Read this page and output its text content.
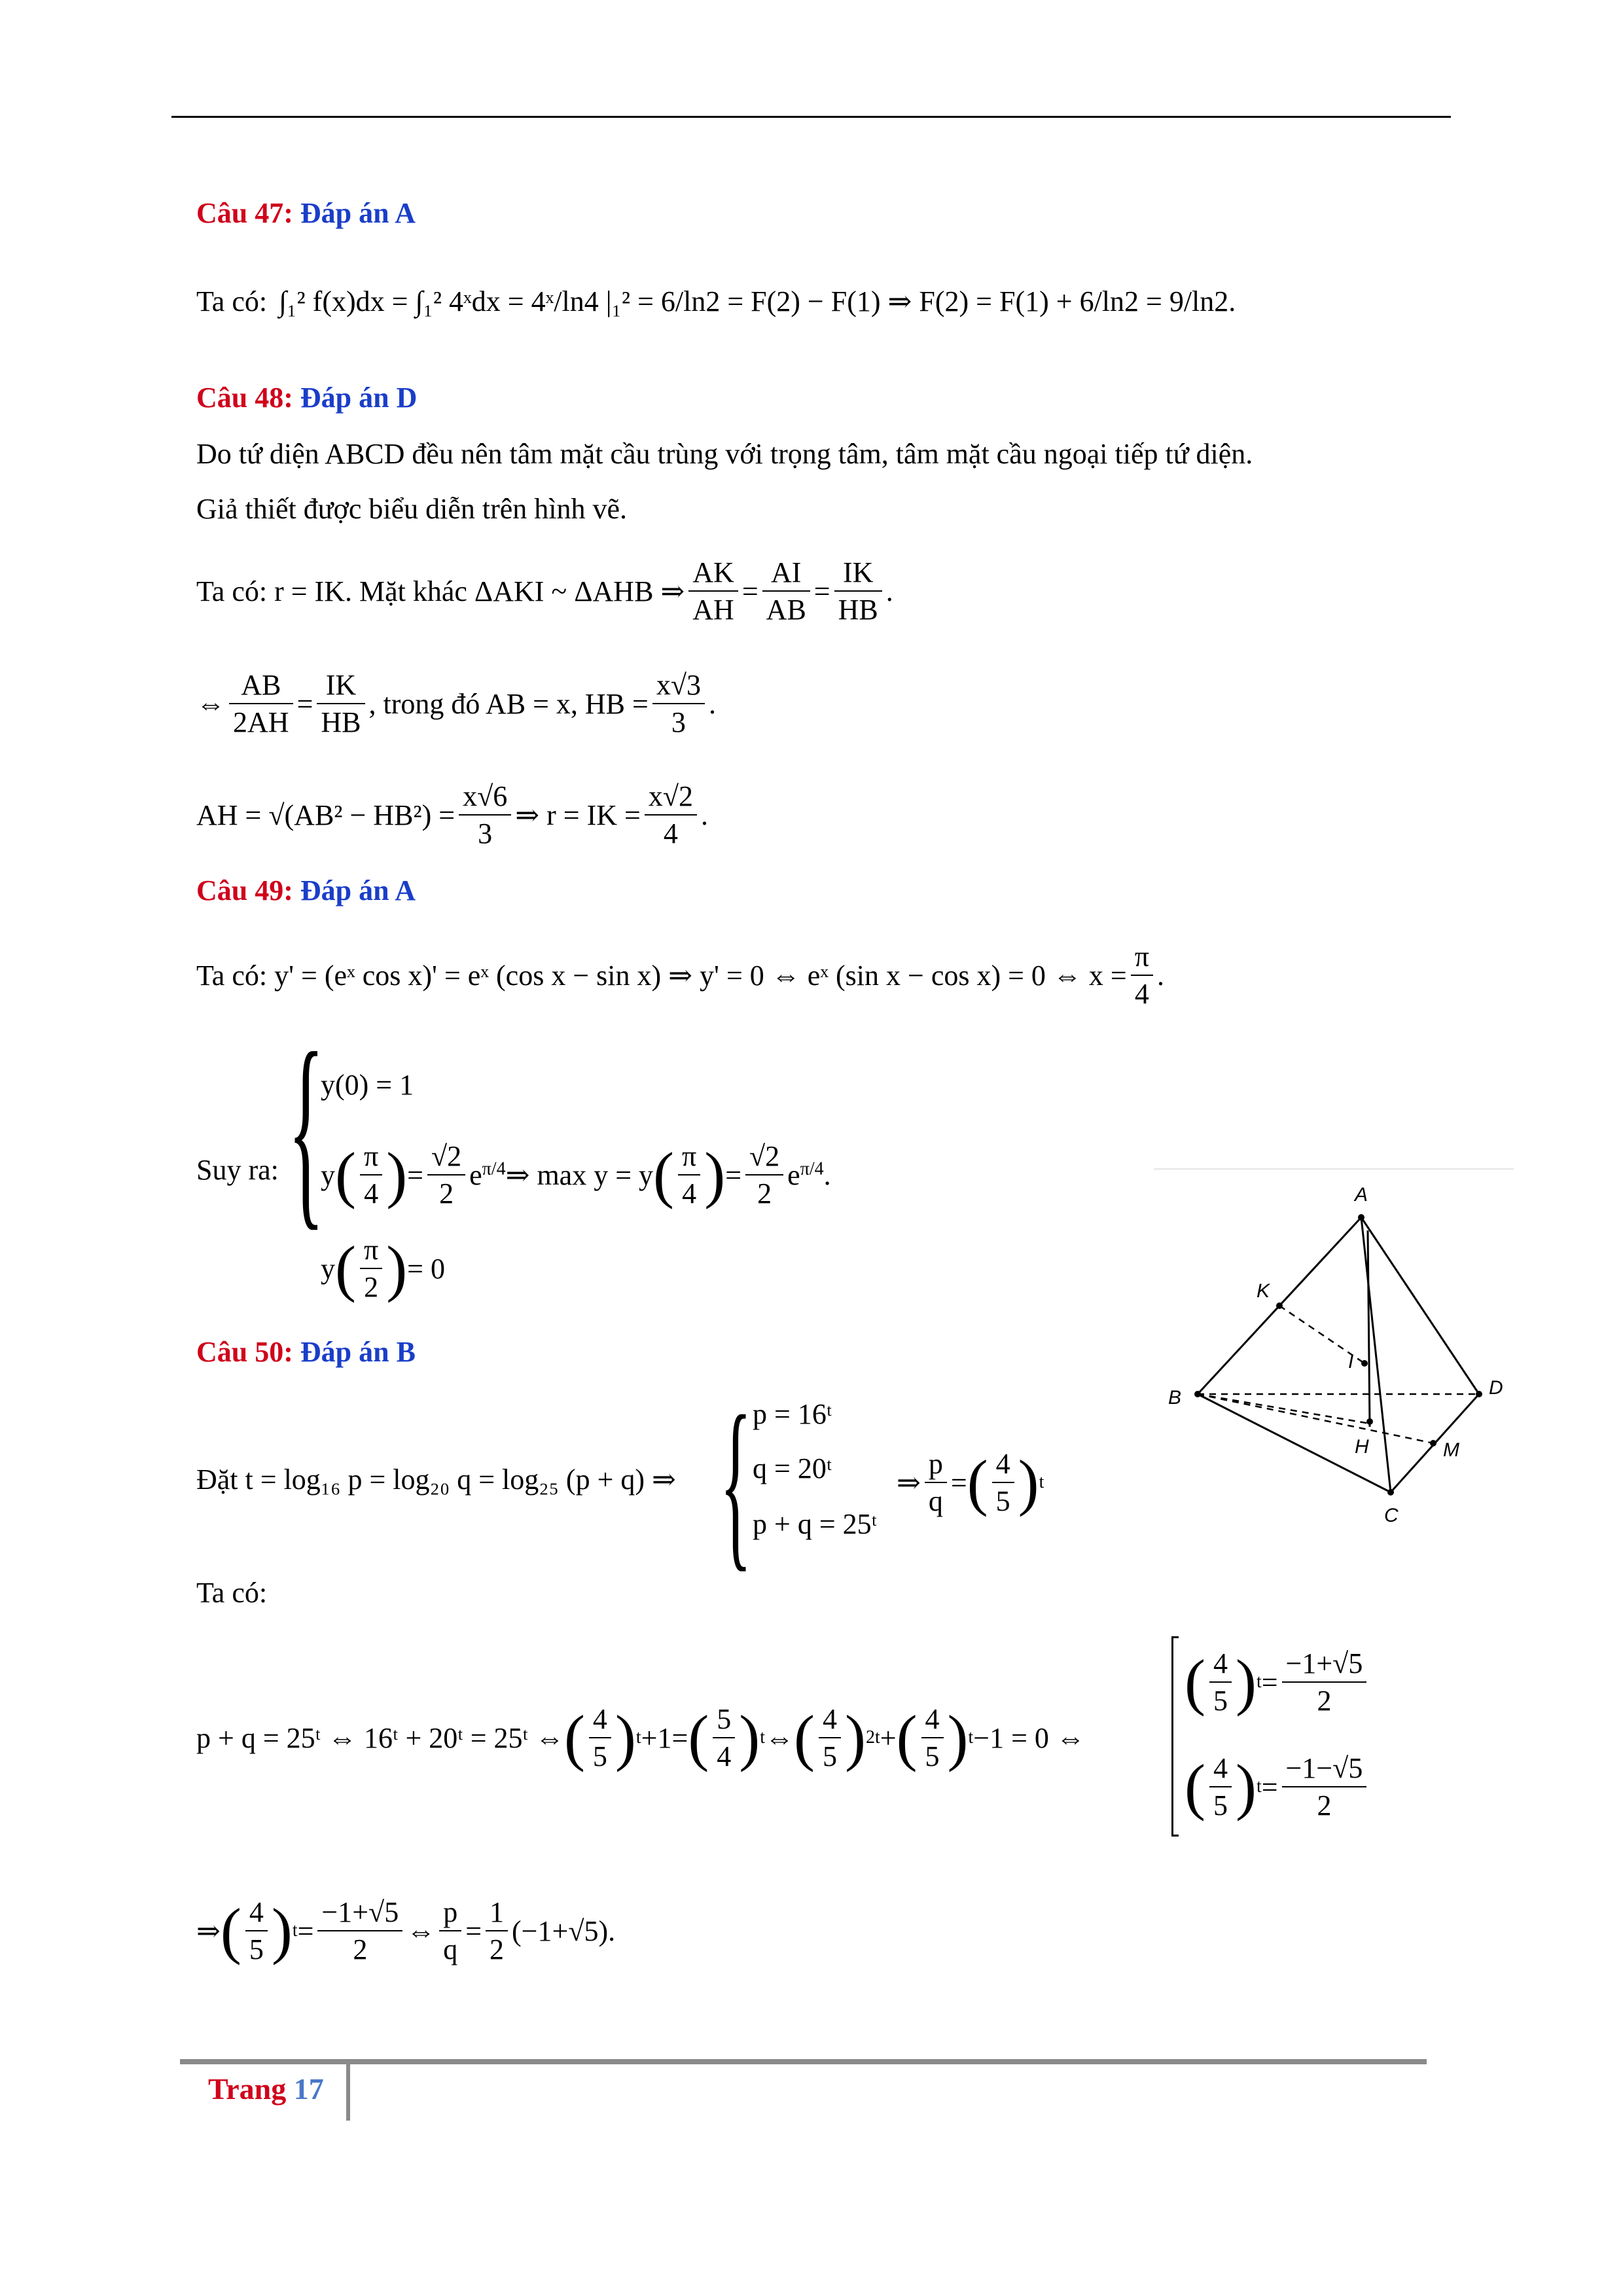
Câu 47: Đáp án A
Ta có: ∫₁² f(x)dx = ∫₁² 4ˣdx = 4ˣ/ln4 |₁² = 6/ln2 = F(2) − F(1) ⇒ F(2) = F(1) + 6/ln2 = 9/ln2.
Câu 48: Đáp án D
Do tứ diện ABCD đều nên tâm mặt cầu trùng với trọng tâm, tâm mặt cầu ngoại tiếp tứ diện.
Giả thiết được biểu diễn trên hình vẽ.
Ta có: r = IK. Mặt khác ΔAKI ~ ΔAHB ⇒ $\frac{AK}{AH} = \frac{AI}{AB} = \frac{IK}{HB}$ .
⇔ $\frac{AB}{2AH} = \frac{IK}{HB}$ , trong đó AB = x, HB = $\frac{x√3}{3}$ .
AH = $√(AB^2 - HB^2) = \frac{x√6}{3}$ ⇒ r = IK = $\frac{x√2}{4}$ .
Câu 49: Đáp án A
Ta có: y' = (eˣ cos x)' = eˣ (cos x − sin x) ⇒ y' = 0 ⇔ eˣ (sin x − cos x) = 0 ⇔ $x = \frac{\pi}{4}$ .
Suy ra: {
y(0) = 1
y ( $\frac{\pi}{4}$ ) = $\frac{√2}{2} e^{\pi/4}$ ⇒ max y = y ( $\frac{\pi}{4}$ ) = $\frac{√2}{2} e^{\pi/4}$.
y ( $\frac{\pi}{2}$ ) = 0
A
K
I
B	D
H	M
C
Câu 50: Đáp án B
Đặt t = log₁₆ p = log₂₀ q = log₂₅ (p + q) ⇒ { p = 16ᵗ
q = 20ᵗ
p + q = 25ᵗ
⇒ $\frac{p}{q}$ = ( $\frac{4}{5}$ ) t
Ta có:
p + q = 25ᵗ ⇔ 16ᵗ + 20ᵗ = 25ᵗ ⇔ ( $\frac{4}{5}$ ) t +1= ( $\frac{5}{4}$ ) t ⇔ ( $\frac{4}{5}$ ) 2t + ( $\frac{4}{5}$ ) t −1 = 0 ⇔
( $\frac{4}{5}$ ) $t = \frac{-1+√5}{2}$
( $\frac{4}{5}$ ) $t = \frac{-1-√5}{2}$
⇒ ( $\frac{4}{5}$ ) $t = \frac{-1+√5}{2}$ ⇔ $\frac{p}{q} = \frac{1}{2} (-1+√5)$ .
Trang 17
